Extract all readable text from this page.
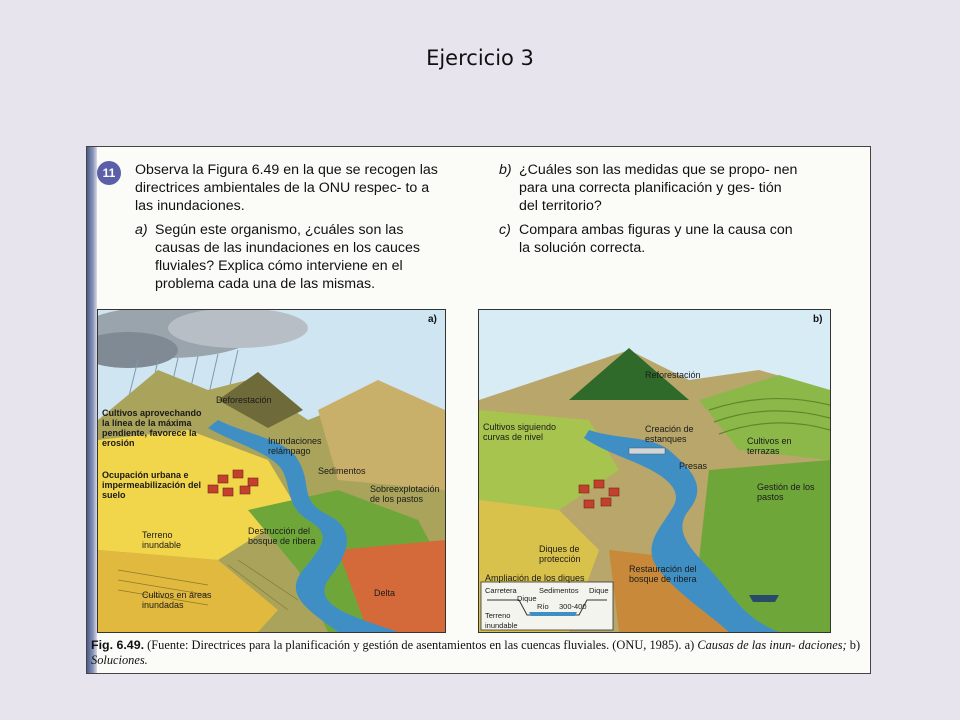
Ejercicio 3
11	Observa la Figura 6.49 en la que se recogen las directrices ambientales de la ONU respec- to a las inundaciones.
a) Según este organismo, ¿cuáles son las causas de las inundaciones en los cauces fluviales? Explica cómo interviene en el problema cada una de las mismas.
b) ¿Cuáles son las medidas que se propo- nen para una correcta planificación y ges- tión del territorio?
c) Compara ambas figuras y une la causa con la solución correcta.
a)
Deforestación
Cultivos aprovechando la línea de la máxima pendiente, favorece la erosión	Inundaciones relámpago
Sedimentos
Ocupación urbana e impermeabilización del suelo
Sobreexplotación de los pastos
Terreno inundable
Destrucción del bosque de ribera
Delta
Cultivos en áreas inundadas
b)
Reforestación
Cultivos siguiendo curvas de nivel
Creación de estanques	Cultivos en terrazas
Presas
Gestión de los pastos
Diques de protección
Restauración del bosque de ribera
Ampliación de los diques
Carretera
Dique
Sedimentos Dique
Río 300-400
Terreno inundable
Fig. 6.49. (Fuente: Directrices para la planificación y gestión de asentamientos en las cuencas fluviales. (ONU, 1985). a) Causas de las inun- daciones; b) Soluciones.
